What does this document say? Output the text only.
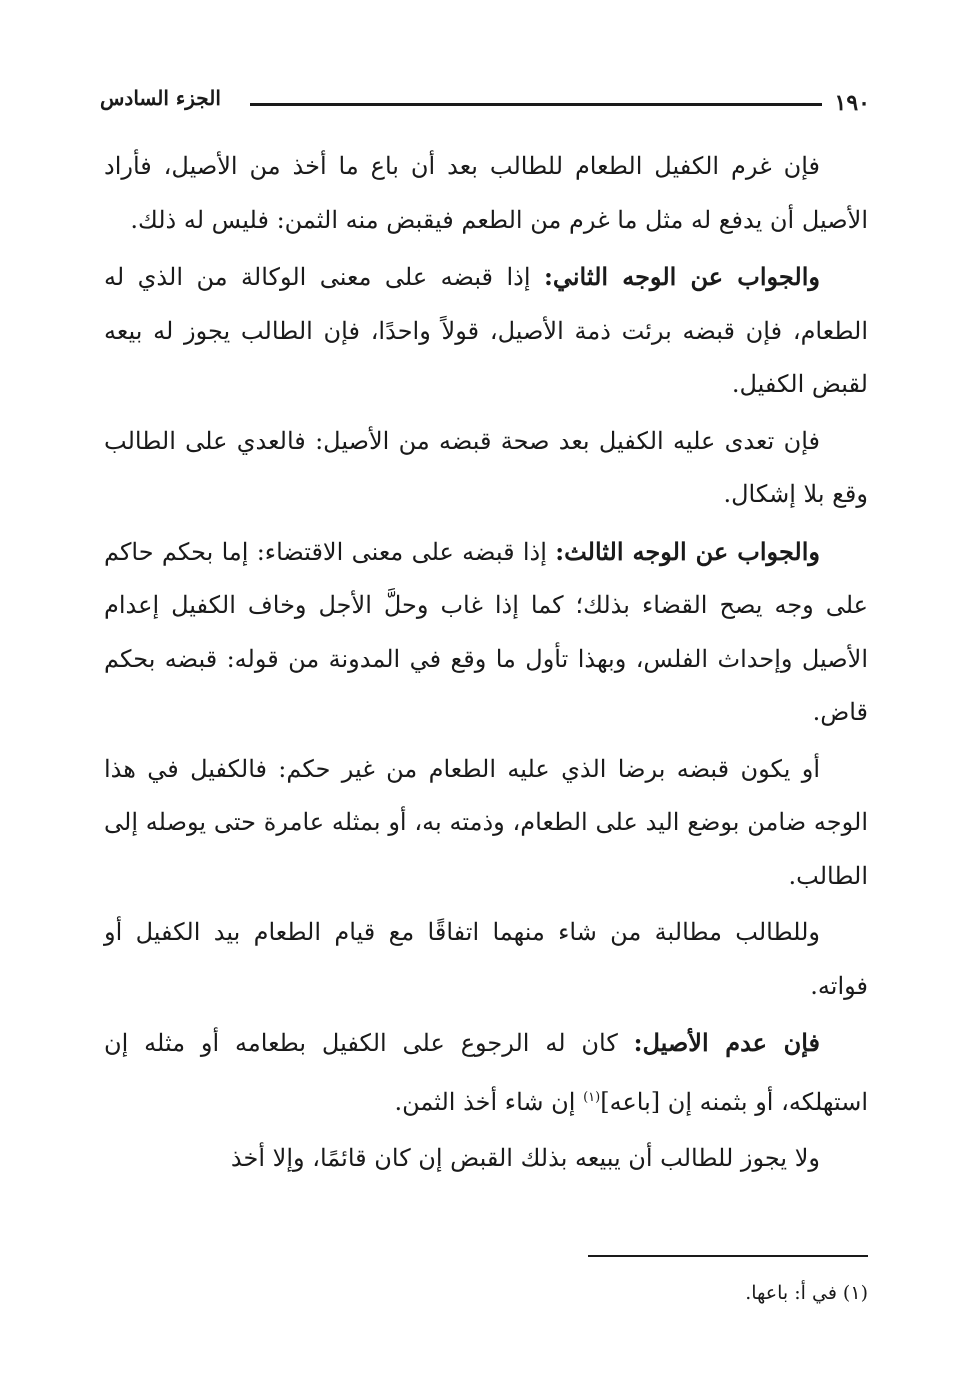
١٩٠
الجزء السادس

فإن غرم الكفيل الطعام للطالب بعد أن باع ما أخذ من الأصيل، فأراد الأصيل أن يدفع له مثل ما غرم من الطعم فيقبض منه الثمن: فليس له ذلك.

والجواب عن الوجه الثاني: إذا قبضه على معنى الوكالة من الذي له الطعام، فإن قبضه برئت ذمة الأصيل، قولاً واحدًا، فإن الطالب يجوز له بيعه لقبض الكفيل.

فإن تعدى عليه الكفيل بعد صحة قبضه من الأصيل: فالعدي على الطالب وقع بلا إشكال.

والجواب عن الوجه الثالث: إذا قبضه على معنى الاقتضاء: إما بحكم حاكم على وجه يصح القضاء بذلك؛ كما إذا غاب وحلَّ الأجل وخاف الكفيل إعدام الأصيل وإحداث الفلس، وبهذا تأول ما وقع في المدونة من قوله: قبضه بحكم قاض.

أو يكون قبضه برضا الذي عليه الطعام من غير حكم: فالكفيل في هذا الوجه ضامن بوضع اليد على الطعام، وذمته به، أو بمثله عامرة حتى يوصله إلى الطالب.

وللطالب مطالبة من شاء منهما اتفاقًا مع قيام الطعام بيد الكفيل أو فواته.

فإن عدم الأصيل: كان له الرجوع على الكفيل بطعامه أو مثله إن استهلكه، أو بثمنه إن [باعه]$^{(١)}$ إن شاء أخذ الثمن.

ولا يجوز للطالب أن يبيعه بذلك القبض إن كان قائمًا، وإلا أخذ

(١) في أ: باعها.
